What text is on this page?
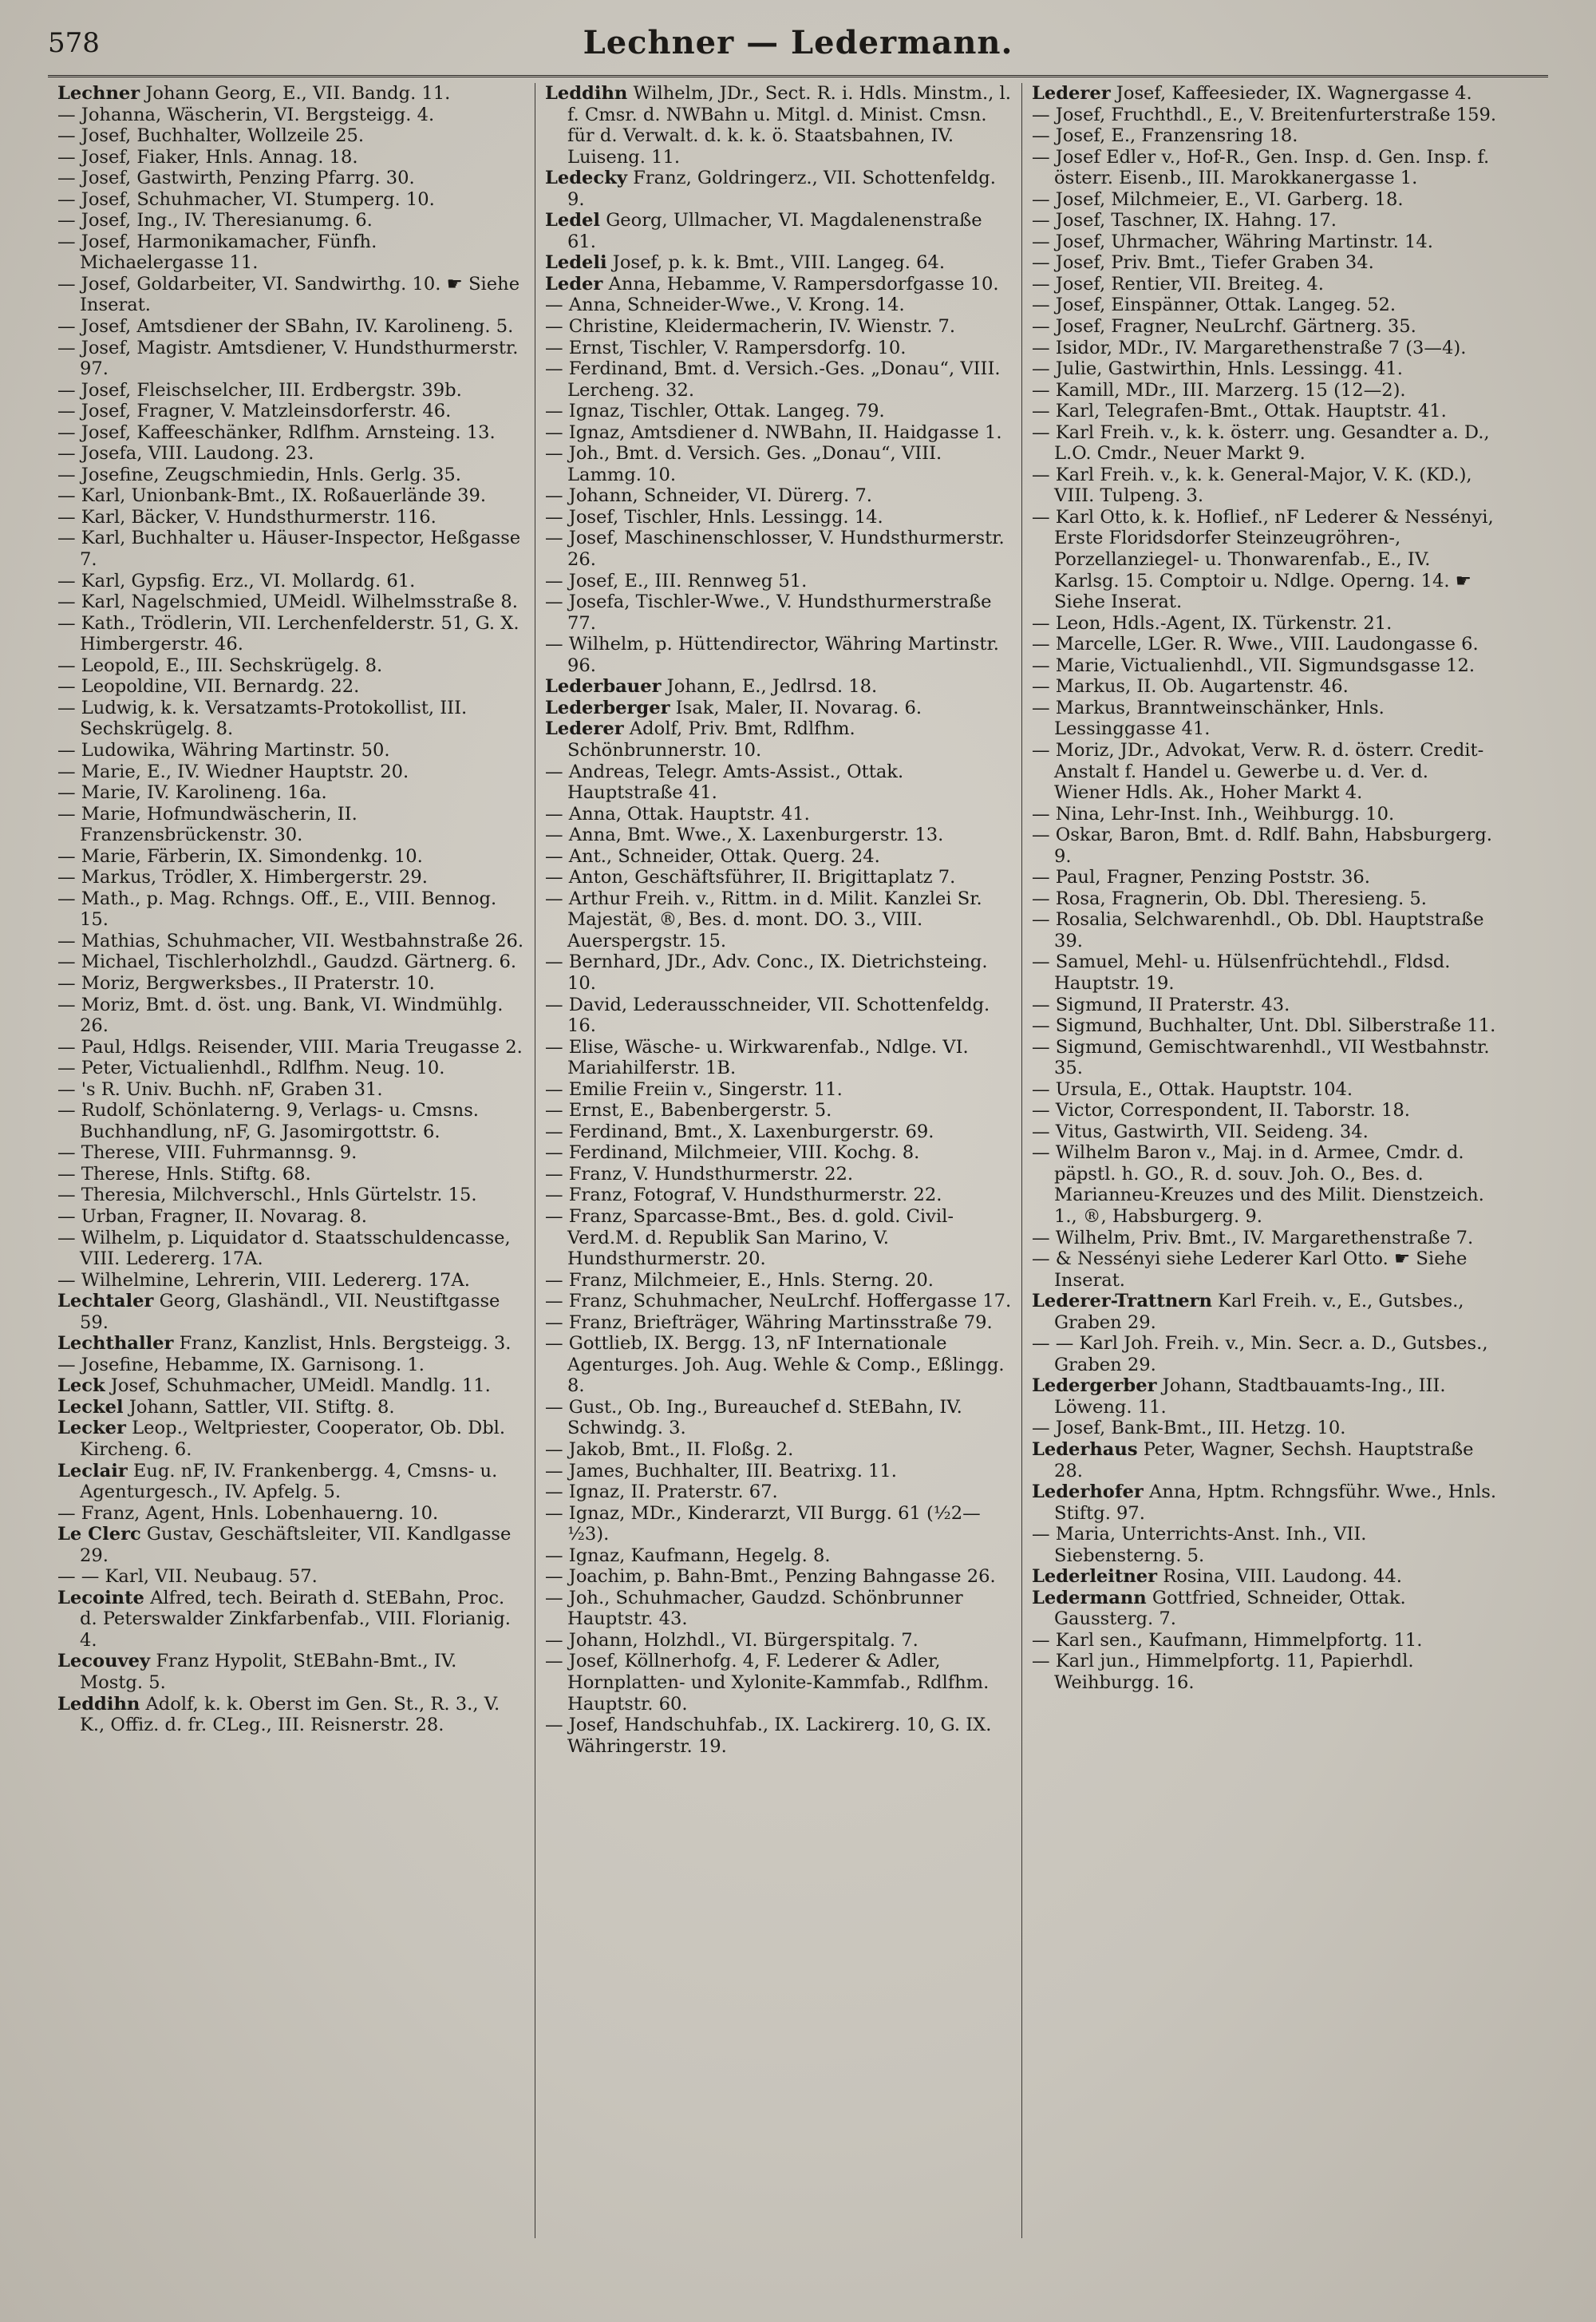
578	Lechner — Ledermann.

Lechner Johann Georg, E., VII. Bandg. 11.

— Johanna, Wäscherin, VI. Bergsteigg. 4.

— Josef, Buchhalter, Wollzeile 25.

— Josef, Fiaker, Hnls. Annag. 18.

— Josef, Gastwirth, Penzing Pfarrg. 30.

— Josef, Schuhmacher, VI. Stumperg. 10.

— Josef, Ing., IV. Theresianumg. 6.

— Josef, Harmonikamacher, Fünfh. Michaelergasse 11.

— Josef, Goldarbeiter, VI. Sandwirthg. 10. ☛ Siehe Inserat.

— Josef, Amtsdiener der SBahn, IV. Karolineng. 5.

— Josef, Magistr. Amtsdiener, V. Hundsthurmerstr. 97.

— Josef, Fleischselcher, III. Erdbergstr. 39b.

— Josef, Fragner, V. Matzleinsdorferstr. 46.

— Josef, Kaffeeschänker, Rdlfhm. Arnsteing. 13.

— Josefa, VIII. Laudong. 23.

— Josefine, Zeugschmiedin, Hnls. Gerlg. 35.

— Karl, Unionbank-Bmt., IX. Roßauerlände 39.

— Karl, Bäcker, V. Hundsthurmerstr. 116.

— Karl, Buchhalter u. Häuser-Inspector, Heßgasse 7.

— Karl, Gypsfig. Erz., VI. Mollardg. 61.

— Karl, Nagelschmied, UMeidl. Wilhelmsstraße 8.

— Kath., Trödlerin, VII. Lerchenfelderstr. 51, G. X. Himbergerstr. 46.

— Leopold, E., III. Sechskrügelg. 8.

— Leopoldine, VII. Bernardg. 22.

— Ludwig, k. k. Versatzamts-Protokollist, III. Sechskrügelg. 8.

— Ludowika, Währing Martinstr. 50.

— Marie, E., IV. Wiedner Hauptstr. 20.

— Marie, IV. Karolineng. 16a.

— Marie, Hofmundwäscherin, II. Franzensbrückenstr. 30.

— Marie, Färberin, IX. Simondenkg. 10.

— Markus, Trödler, X. Himbergerstr. 29.

— Math., p. Mag. Rchngs. Off., E., VIII. Bennog. 15.

— Mathias, Schuhmacher, VII. Westbahnstraße 26.

— Michael, Tischlerholzhdl., Gaudzd. Gärtnerg. 6.

— Moriz, Bergwerksbes., II Praterstr. 10.

— Moriz, Bmt. d. öst. ung. Bank, VI. Windmühlg. 26.

— Paul, Hdlgs. Reisender, VIII. Maria Treugasse 2.

— Peter, Victualienhdl., Rdlfhm. Neug. 10.

— 's R. Univ. Buchh. nF, Graben 31.

— Rudolf, Schönlaterng. 9, Verlags- u. Cmsns. Buchhandlung, nF, G. Jasomirgottstr. 6.

— Therese, VIII. Fuhrmannsg. 9.

— Therese, Hnls. Stiftg. 68.

— Theresia, Milchverschl., Hnls Gürtelstr. 15.

— Urban, Fragner, II. Novarag. 8.

— Wilhelm, p. Liquidator d. Staatsschuldencasse, VIII. Ledererg. 17A.

— Wilhelmine, Lehrerin, VIII. Ledererg. 17A.

Lechtaler Georg, Glashändl., VII. Neustiftgasse 59.

Lechthaller Franz, Kanzlist, Hnls. Bergsteigg. 3.

— Josefine, Hebamme, IX. Garnisong. 1.

Leck Josef, Schuhmacher, UMeidl. Mandlg. 11.

Leckel Johann, Sattler, VII. Stiftg. 8.

Lecker Leop., Weltpriester, Cooperator, Ob. Dbl. Kircheng. 6.

Leclair Eug. nF, IV. Frankenbergg. 4, Cmsns- u. Agenturgesch., IV. Apfelg. 5.

— Franz, Agent, Hnls. Lobenhauerng. 10.

Le Clerc Gustav, Geschäftsleiter, VII. Kandlgasse 29.

— — Karl, VII. Neubaug. 57.

Lecointe Alfred, tech. Beirath d. StEBahn, Proc. d. Peterswalder Zinkfarbenfab., VIII. Florianig. 4.

Lecouvey Franz Hypolit, StEBahn-Bmt., IV. Mostg. 5.

Leddihn Adolf, k. k. Oberst im Gen. St., R. 3., V. K., Offiz. d. fr. CLeg., III. Reisnerstr. 28.

Leddihn Wilhelm, JDr., Sect. R. i. Hdls. Minstm., l. f. Cmsr. d. NWBahn u. Mitgl. d. Minist. Cmsn. für d. Verwalt. d. k. k. ö. Staatsbahnen, IV. Luiseng. 11.

Ledecky Franz, Goldringerz., VII. Schottenfeldg. 9.

Ledel Georg, Ullmacher, VI. Magdalenenstraße 61.

Ledeli Josef, p. k. k. Bmt., VIII. Langeg. 64.

Leder Anna, Hebamme, V. Rampersdorfgasse 10.

— Anna, Schneider-Wwe., V. Krong. 14.

— Christine, Kleidermacherin, IV. Wienstr. 7.

— Ernst, Tischler, V. Rampersdorfg. 10.

— Ferdinand, Bmt. d. Versich.-Ges. „Donau“, VIII. Lercheng. 32.

— Ignaz, Tischler, Ottak. Langeg. 79.

— Ignaz, Amtsdiener d. NWBahn, II. Haidgasse 1.

— Joh., Bmt. d. Versich. Ges. „Donau“, VIII. Lammg. 10.

— Johann, Schneider, VI. Dürerg. 7.

— Josef, Tischler, Hnls. Lessingg. 14.

— Josef, Maschinenschlosser, V. Hundsthurmerstr. 26.

— Josef, E., III. Rennweg 51.

— Josefa, Tischler-Wwe., V. Hundsthurmerstraße 77.

— Wilhelm, p. Hüttendirector, Währing Martinstr. 96.

Lederbauer Johann, E., Jedlrsd. 18.

Lederberger Isak, Maler, II. Novarag. 6.

Lederer Adolf, Priv. Bmt, Rdlfhm. Schönbrunnerstr. 10.

— Andreas, Telegr. Amts-Assist., Ottak. Hauptstraße 41.

— Anna, Ottak. Hauptstr. 41.

— Anna, Bmt. Wwe., X. Laxenburgerstr. 13.

— Ant., Schneider, Ottak. Querg. 24.

— Anton, Geschäftsführer, II. Brigittaplatz 7.

— Arthur Freih. v., Rittm. in d. Milit. Kanzlei Sr. Majestät, ®, Bes. d. mont. DO. 3., VIII. Auerspergstr. 15.

— Bernhard, JDr., Adv. Conc., IX. Dietrichsteing. 10.

— David, Lederausschneider, VII. Schottenfeldg. 16.

— Elise, Wäsche- u. Wirkwarenfab., Ndlge. VI. Mariahilferstr. 1B.

— Emilie Freiin v., Singerstr. 11.

— Ernst, E., Babenbergerstr. 5.

— Ferdinand, Bmt., X. Laxenburgerstr. 69.

— Ferdinand, Milchmeier, VIII. Kochg. 8.

— Franz, V. Hundsthurmerstr. 22.

— Franz, Fotograf, V. Hundsthurmerstr. 22.

— Franz, Sparcasse-Bmt., Bes. d. gold. Civil-Verd.M. d. Republik San Marino, V. Hundsthurmerstr. 20.

— Franz, Milchmeier, E., Hnls. Sterng. 20.

— Franz, Schuhmacher, NeuLrchf. Hoffergasse 17.

— Franz, Briefträger, Währing Martinsstraße 79.

— Gottlieb, IX. Bergg. 13, nF Internationale Agenturges. Joh. Aug. Wehle & Comp., Eßlingg. 8.

— Gust., Ob. Ing., Bureauchef d. StEBahn, IV. Schwindg. 3.

— Jakob, Bmt., II. Floßg. 2.

— James, Buchhalter, III. Beatrixg. 11.

— Ignaz, II. Praterstr. 67.

— Ignaz, MDr., Kinderarzt, VII Burgg. 61 (½2—½3).

— Ignaz, Kaufmann, Hegelg. 8.

— Joachim, p. Bahn-Bmt., Penzing Bahngasse 26.

— Joh., Schuhmacher, Gaudzd. Schönbrunner Hauptstr. 43.

— Johann, Holzhdl., VI. Bürgerspitalg. 7.

— Josef, Köllnerhofg. 4, F. Lederer & Adler, Hornplatten- und Xylonite-Kammfab., Rdlfhm. Hauptstr. 60.

— Josef, Handschuhfab., IX. Lackirerg. 10, G. IX. Währingerstr. 19.

Lederer Josef, Kaffeesieder, IX. Wagnergasse 4.

— Josef, Fruchthdl., E., V. Breitenfurterstraße 159.

— Josef, E., Franzensring 18.

— Josef Edler v., Hof-R., Gen. Insp. d. Gen. Insp. f. österr. Eisenb., III. Marokkanergasse 1.

— Josef, Milchmeier, E., VI. Garberg. 18.

— Josef, Taschner, IX. Hahng. 17.

— Josef, Uhrmacher, Währing Martinstr. 14.

— Josef, Priv. Bmt., Tiefer Graben 34.

— Josef, Rentier, VII. Breiteg. 4.

— Josef, Einspänner, Ottak. Langeg. 52.

— Josef, Fragner, NeuLrchf. Gärtnerg. 35.

— Isidor, MDr., IV. Margarethenstraße 7 (3—4).

— Julie, Gastwirthin, Hnls. Lessingg. 41.

— Kamill, MDr., III. Marzerg. 15 (12—2).

— Karl, Telegrafen-Bmt., Ottak. Hauptstr. 41.

— Karl Freih. v., k. k. österr. ung. Gesandter a. D., L.O. Cmdr., Neuer Markt 9.

— Karl Freih. v., k. k. General-Major, V. K. (KD.), VIII. Tulpeng. 3.

— Karl Otto, k. k. Hoflief., nF Lederer & Nessényi, Erste Floridsdorfer Steinzeugröhren-, Porzellanziegel- u. Thonwarenfab., E., IV. Karlsg. 15. Comptoir u. Ndlge. Operng. 14. ☛ Siehe Inserat.

— Leon, Hdls.-Agent, IX. Türkenstr. 21.

— Marcelle, LGer. R. Wwe., VIII. Laudongasse 6.

— Marie, Victualienhdl., VII. Sigmundsgasse 12.

— Markus, II. Ob. Augartenstr. 46.

— Markus, Branntweinschänker, Hnls. Lessinggasse 41.

— Moriz, JDr., Advokat, Verw. R. d. österr. Credit-Anstalt f. Handel u. Gewerbe u. d. Ver. d. Wiener Hdls. Ak., Hoher Markt 4.

— Nina, Lehr-Inst. Inh., Weihburgg. 10.

— Oskar, Baron, Bmt. d. Rdlf. Bahn, Habsburgerg. 9.

— Paul, Fragner, Penzing Poststr. 36.

— Rosa, Fragnerin, Ob. Dbl. Theresieng. 5.

— Rosalia, Selchwarenhdl., Ob. Dbl. Hauptstraße 39.

— Samuel, Mehl- u. Hülsenfrüchtehdl., Fldsd. Hauptstr. 19.

— Sigmund, II Praterstr. 43.

— Sigmund, Buchhalter, Unt. Dbl. Silberstraße 11.

— Sigmund, Gemischtwarenhdl., VII Westbahnstr. 35.

— Ursula, E., Ottak. Hauptstr. 104.

— Victor, Correspondent, II. Taborstr. 18.

— Vitus, Gastwirth, VII. Seideng. 34.

— Wilhelm Baron v., Maj. in d. Armee, Cmdr. d. päpstl. h. GO., R. d. souv. Joh. O., Bes. d. Marianneu-Kreuzes und des Milit. Dienstzeich. 1., ®, Habsburgerg. 9.

— Wilhelm, Priv. Bmt., IV. Margarethenstraße 7.

— & Nessényi siehe Lederer Karl Otto. ☛ Siehe Inserat.

Lederer-Trattnern Karl Freih. v., E., Gutsbes., Graben 29.

— — Karl Joh. Freih. v., Min. Secr. a. D., Gutsbes., Graben 29.

Ledergerber Johann, Stadtbauamts-Ing., III. Löweng. 11.

— Josef, Bank-Bmt., III. Hetzg. 10.

Lederhaus Peter, Wagner, Sechsh. Hauptstraße 28.

Lederhofer Anna, Hptm. Rchngsführ. Wwe., Hnls. Stiftg. 97.

— Maria, Unterrichts-Anst. Inh., VII. Siebensterng. 5.

Lederleitner Rosina, VIII. Laudong. 44.

Ledermann Gottfried, Schneider, Ottak. Gaussterg. 7.

— Karl sen., Kaufmann, Himmelpfortg. 11.

— Karl jun., Himmelpfortg. 11, Papierhdl. Weihburgg. 16.
